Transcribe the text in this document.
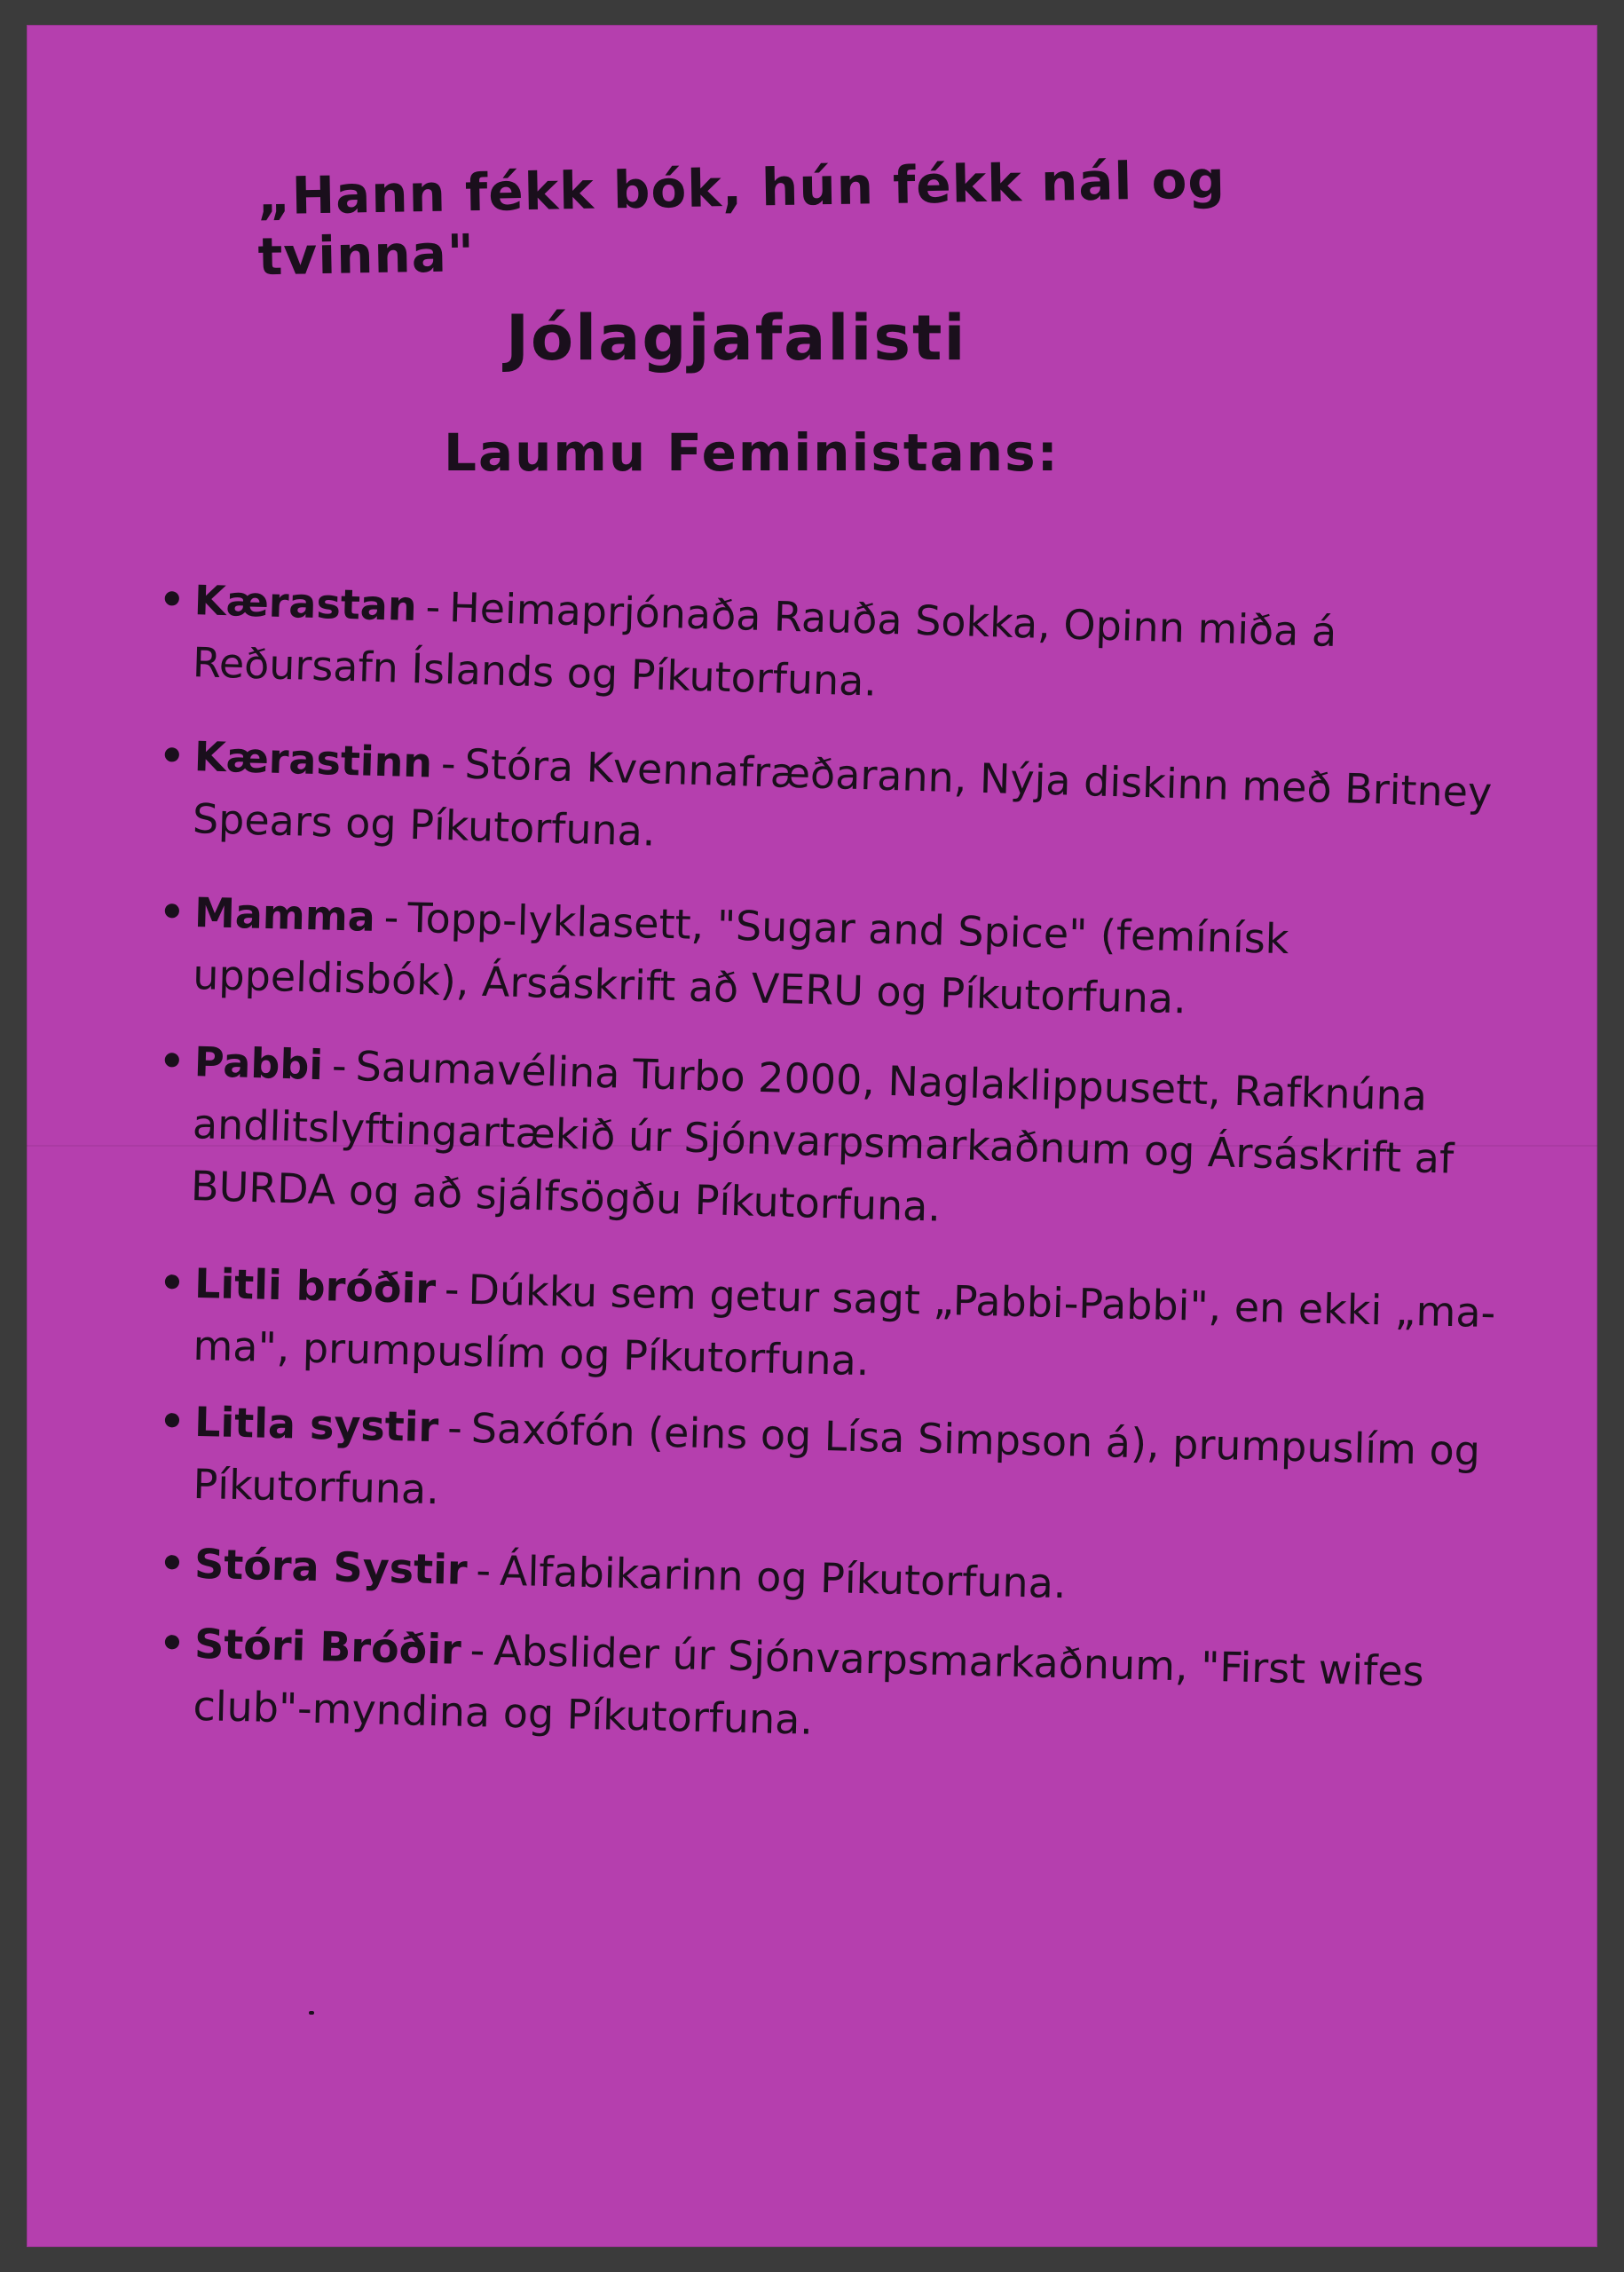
„Hann fékk bók, hún fékk nál og tvinna"
Jólagjafalisti
Laumu Feministans:
• Kærastan - Heimaprjónaða Rauða Sokka, Opinn miða á Reðursafn Íslands og Píkutorfuna.
• Kærastinn - Stóra Kvennafræðarann, Nýja diskinn með Britney Spears og Píkutorfuna.
• Mamma - Topp-lyklasett, "Sugar and Spice" (femínísk uppeldisbók), Ársáskrift að VERU og Píkutorfuna.
• Pabbi - Saumavélina Turbo 2000, Naglaklippusett, Rafknúna andlitslyftingartækið úr Sjónvarpsmarkaðnum og Ársáskrift af BURDA og að sjálfsögðu Píkutorfuna.
• Litli bróðir - Dúkku sem getur sagt „Pabbi-Pabbi", en ekki „ma-ma", prumpuslím og Píkutorfuna.
• Litla systir - Saxófón (eins og Lísa Simpson á), prumpuslím og Píkutorfuna.
• Stóra Systir - Álfabikarinn og Píkutorfuna.
• Stóri Bróðir - Abslider úr Sjónvarpsmarkaðnum, "First wifes club"-myndina og Píkutorfuna.
